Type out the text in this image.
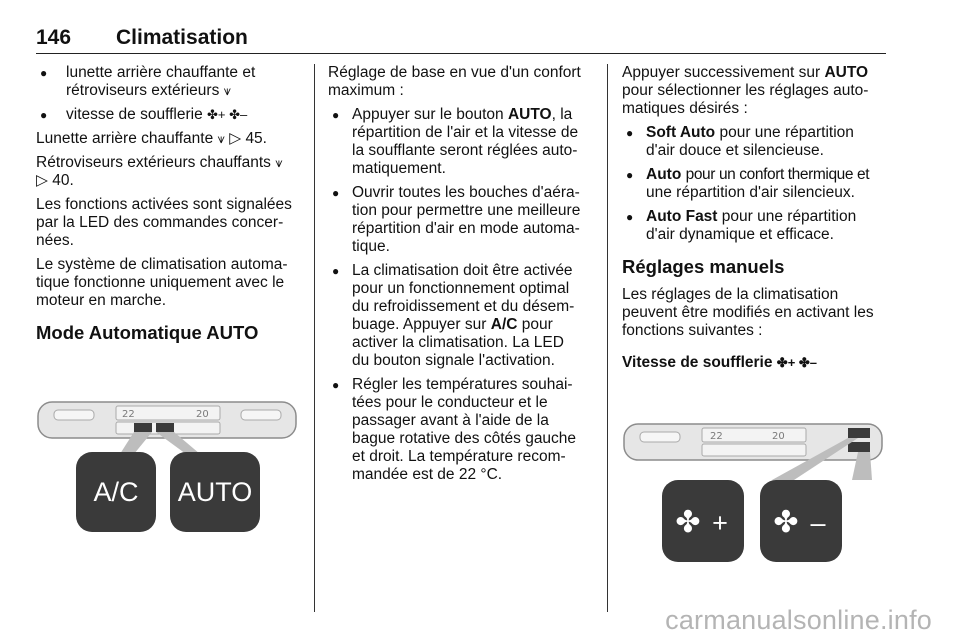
146 Climatisation
● lunette arrière chauffante et
rétroviseurs extérieurs ⩛
● vitesse de soufflerie ✤+ ✤–

Lunette arrière chauffante ⩛ ▷ 45.

Rétroviseurs extérieurs chauffants ⩛
▷ 40.

Les fonctions activées sont signalées
par la LED des commandes concer-
nées.

Le système de climatisation automa-
tique fonctionne uniquement avec le
moteur en marche.

Mode Automatique AUTO

Réglage de base en vue d'un confort
maximum :

● Appuyer sur le bouton AUTO, la
répartition de l'air et la vitesse de
la soufflante seront réglées auto-
matiquement.
● Ouvrir toutes les bouches d'aéra-
tion pour permettre une meilleure
répartition d'air en mode automa-
tique.
● La climatisation doit être activée
pour un fonctionnement optimal
du refroidissement et du désem-
buage. Appuyer sur A/C pour
activer la climatisation. La LED
du bouton signale l'activation.
● Régler les températures souhai-
tées pour le conducteur et le
passager avant à l'aide de la
bague rotative des côtés gauche
et droit. La température recom-
mandée est de 22 °C.

Appuyer successivement sur AUTO
pour sélectionner les réglages auto-
matiques désirés :

● Soft Auto pour une répartition
d'air douce et silencieuse.
● Auto pour un confort thermique et
une répartition d'air silencieux.
● Auto Fast pour une répartition
d'air dynamique et efficace.
Réglages manuels

Les réglages de la climatisation
peuvent être modifiés en activant les
fonctions suivantes :

Vitesse de soufflerie ✤+ ✤–

22	20
A/C AUTO
22	20
✤ + ✤ –
carmanualsonline.info
